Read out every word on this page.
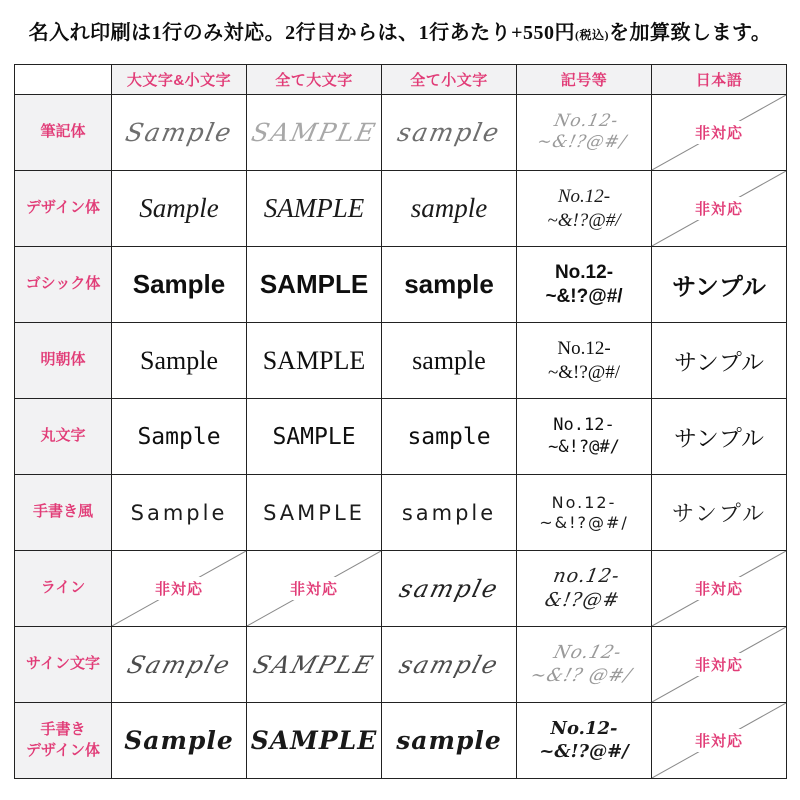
名入れ印刷は1行のみ対応。2行目からは、1行あたり+550円(税込)を加算致します。
	大文字&小文字	全て大文字	全て小文字	記号等	日本語

筆記体	Sample	SAMPLE	sample	No.12-
~&!?@#/	非対応

デザイン体	Sample	SAMPLE	sample	No.12-
~&!?@#/	非対応

ゴシック体	Sample	SAMPLE	sample	No.12-
~&!?@#/	サンプル

明朝体	Sample	SAMPLE	sample	No.12-
~&!?@#/	サンプル

丸文字	Sample	SAMPLE	sample	No.12-
~&!?@#/	サンプル

手書き風	Sample	SAMPLE	sample	No.12-
~&!?@#/	サンプル

ライン	非対応	非対応	sample	no.12-
&!?@#	非対応

サイン文字	Sample	SAMPLE	sample	No.12-
~&!? @#/	非対応

手書き
デザイン体	Sample	SAMPLE	sample	No.12-
~&!?@#/	非対応
